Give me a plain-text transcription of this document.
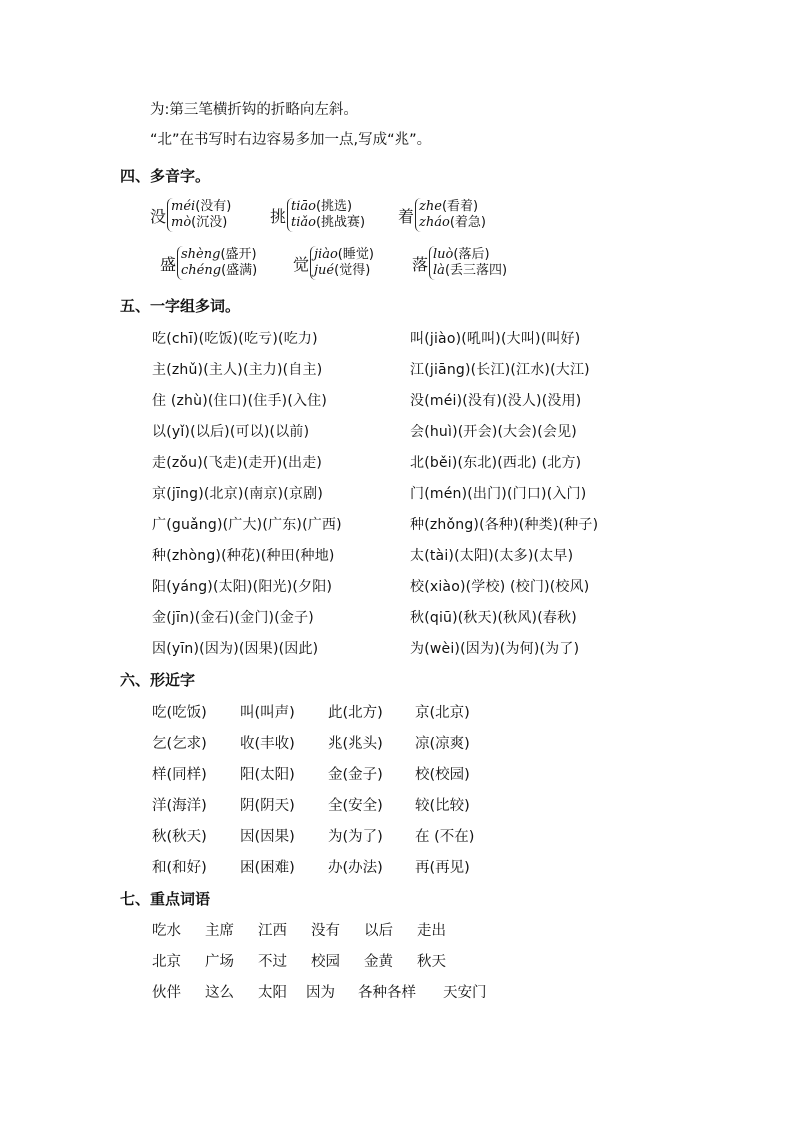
为:第三笔横折钩的折略向左斜。
“北”在书写时右边容易多加一点,写成“兆”。
四、多音字。
没 méi(没有)
mò(沉没)	挑 tiāo(挑选)
tiǎo(挑战赛) 着 zhe(看着)
zháo(着急)
盛 shèng(盛开)
chéng(盛满) 觉 jiào(睡觉)
jué(觉得)	落 luò(落后)
là(丢三落四)
五、一字组多词。
吃(chī)(吃饭)(吃亏)(吃力)
主(zhǔ)(主人)(主力)(自主)
住 (zhù)(住口)(住手)(入住)
以(yǐ)(以后)(可以)(以前)
走(zǒu)(飞走)(走开)(出走)
京(jīng)(北京)(南京)(京剧)
广(guǎng)(广大)(广东)(广西)
种(zhòng)(种花)(种田(种地)
阳(yáng)(太阳)(阳光)(夕阳)
金(jīn)(金石)(金门)(金子)
因(yīn)(因为)(因果)(因此)
叫(jiào)(吼叫)(大叫)(叫好)
江(jiāng)(长江)(江水)(大江)
没(méi)(没有)(没人)(没用)
会(huì)(开会)(大会)(会见)
北(běi)(东北)(西北) (北方)
门(mén)(出门)(门口)(入门)
种(zhǒng)(各种)(种类)(种子)
太(tài)(太阳)(太多)(太早)
校(xiào)(学校) (校门)(校风)
秋(qiū)(秋天)(秋风)(春秋)
为(wèi)(因为)(为何)(为了)
六、形近字
吃(吃饭) 叫(叫声) 此(北方) 京(北京)
乞(乞求) 收(丰收) 兆(兆头) 凉(凉爽)
样(同样) 阳(太阳) 金(金子) 校(校园)
洋(海洋) 阴(阴天) 全(安全) 较(比较)
秋(秋天) 因(因果) 为(为了) 在 (不在)
和(和好) 困(困难) 办(办法) 再(再见)
七、重点词语
吃水 主席 江西 没有 以后 走出
北京 广场 不过 校园 金黄 秋天
伙伴 这么 太阳 因为 各种各样 天安门
